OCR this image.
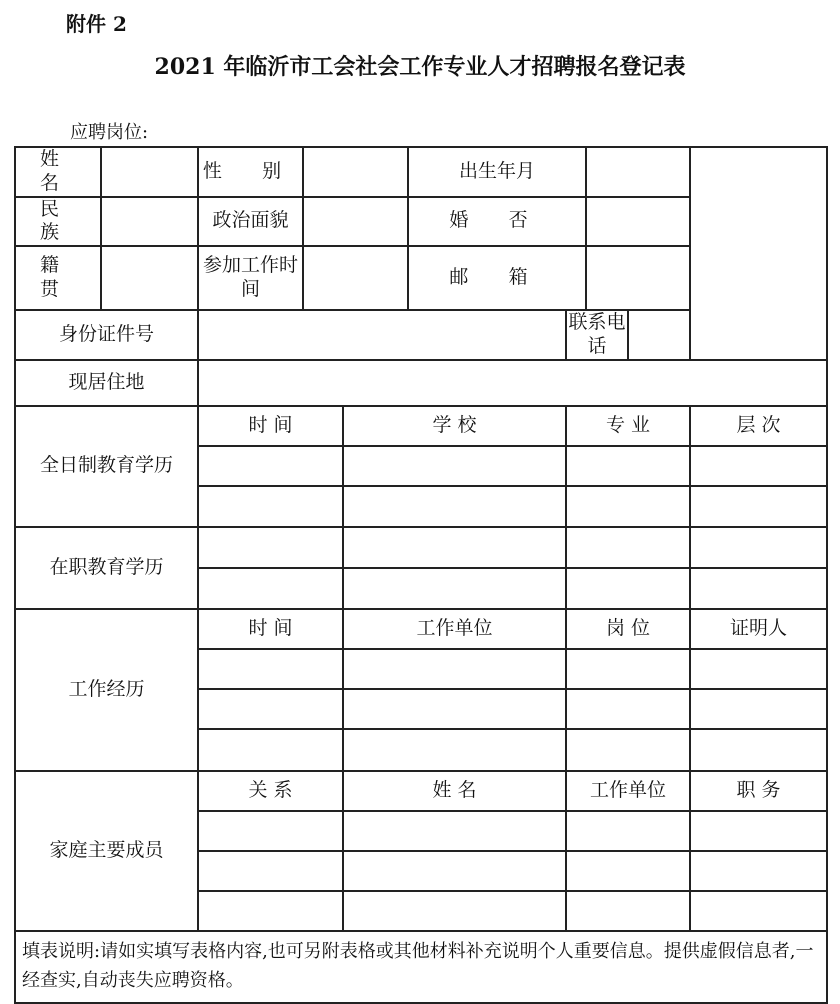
附件 2
2021 年临沂市工会社会工作专业人才招聘报名登记表
应聘岗位:
姓 名		性 别			出生年月				
民 族		政治面貌			婚 否				
籍 贯		参加工作时间			邮 箱				
身份证件号						联系电话			
现居住地									
全日制教育学历		时 间		学 校		专 业			层 次

在职教育学历									

工作经历		时 间		工作单位		岗 位			证明人

家庭主要成员		关 系		姓 名		工作单位			职 务

填表说明:请如实填写表格内容,也可另附表格或其他材料补充说明个人重要信息。提供虚假信息者,一经查实,自动丧失应聘资格。									
